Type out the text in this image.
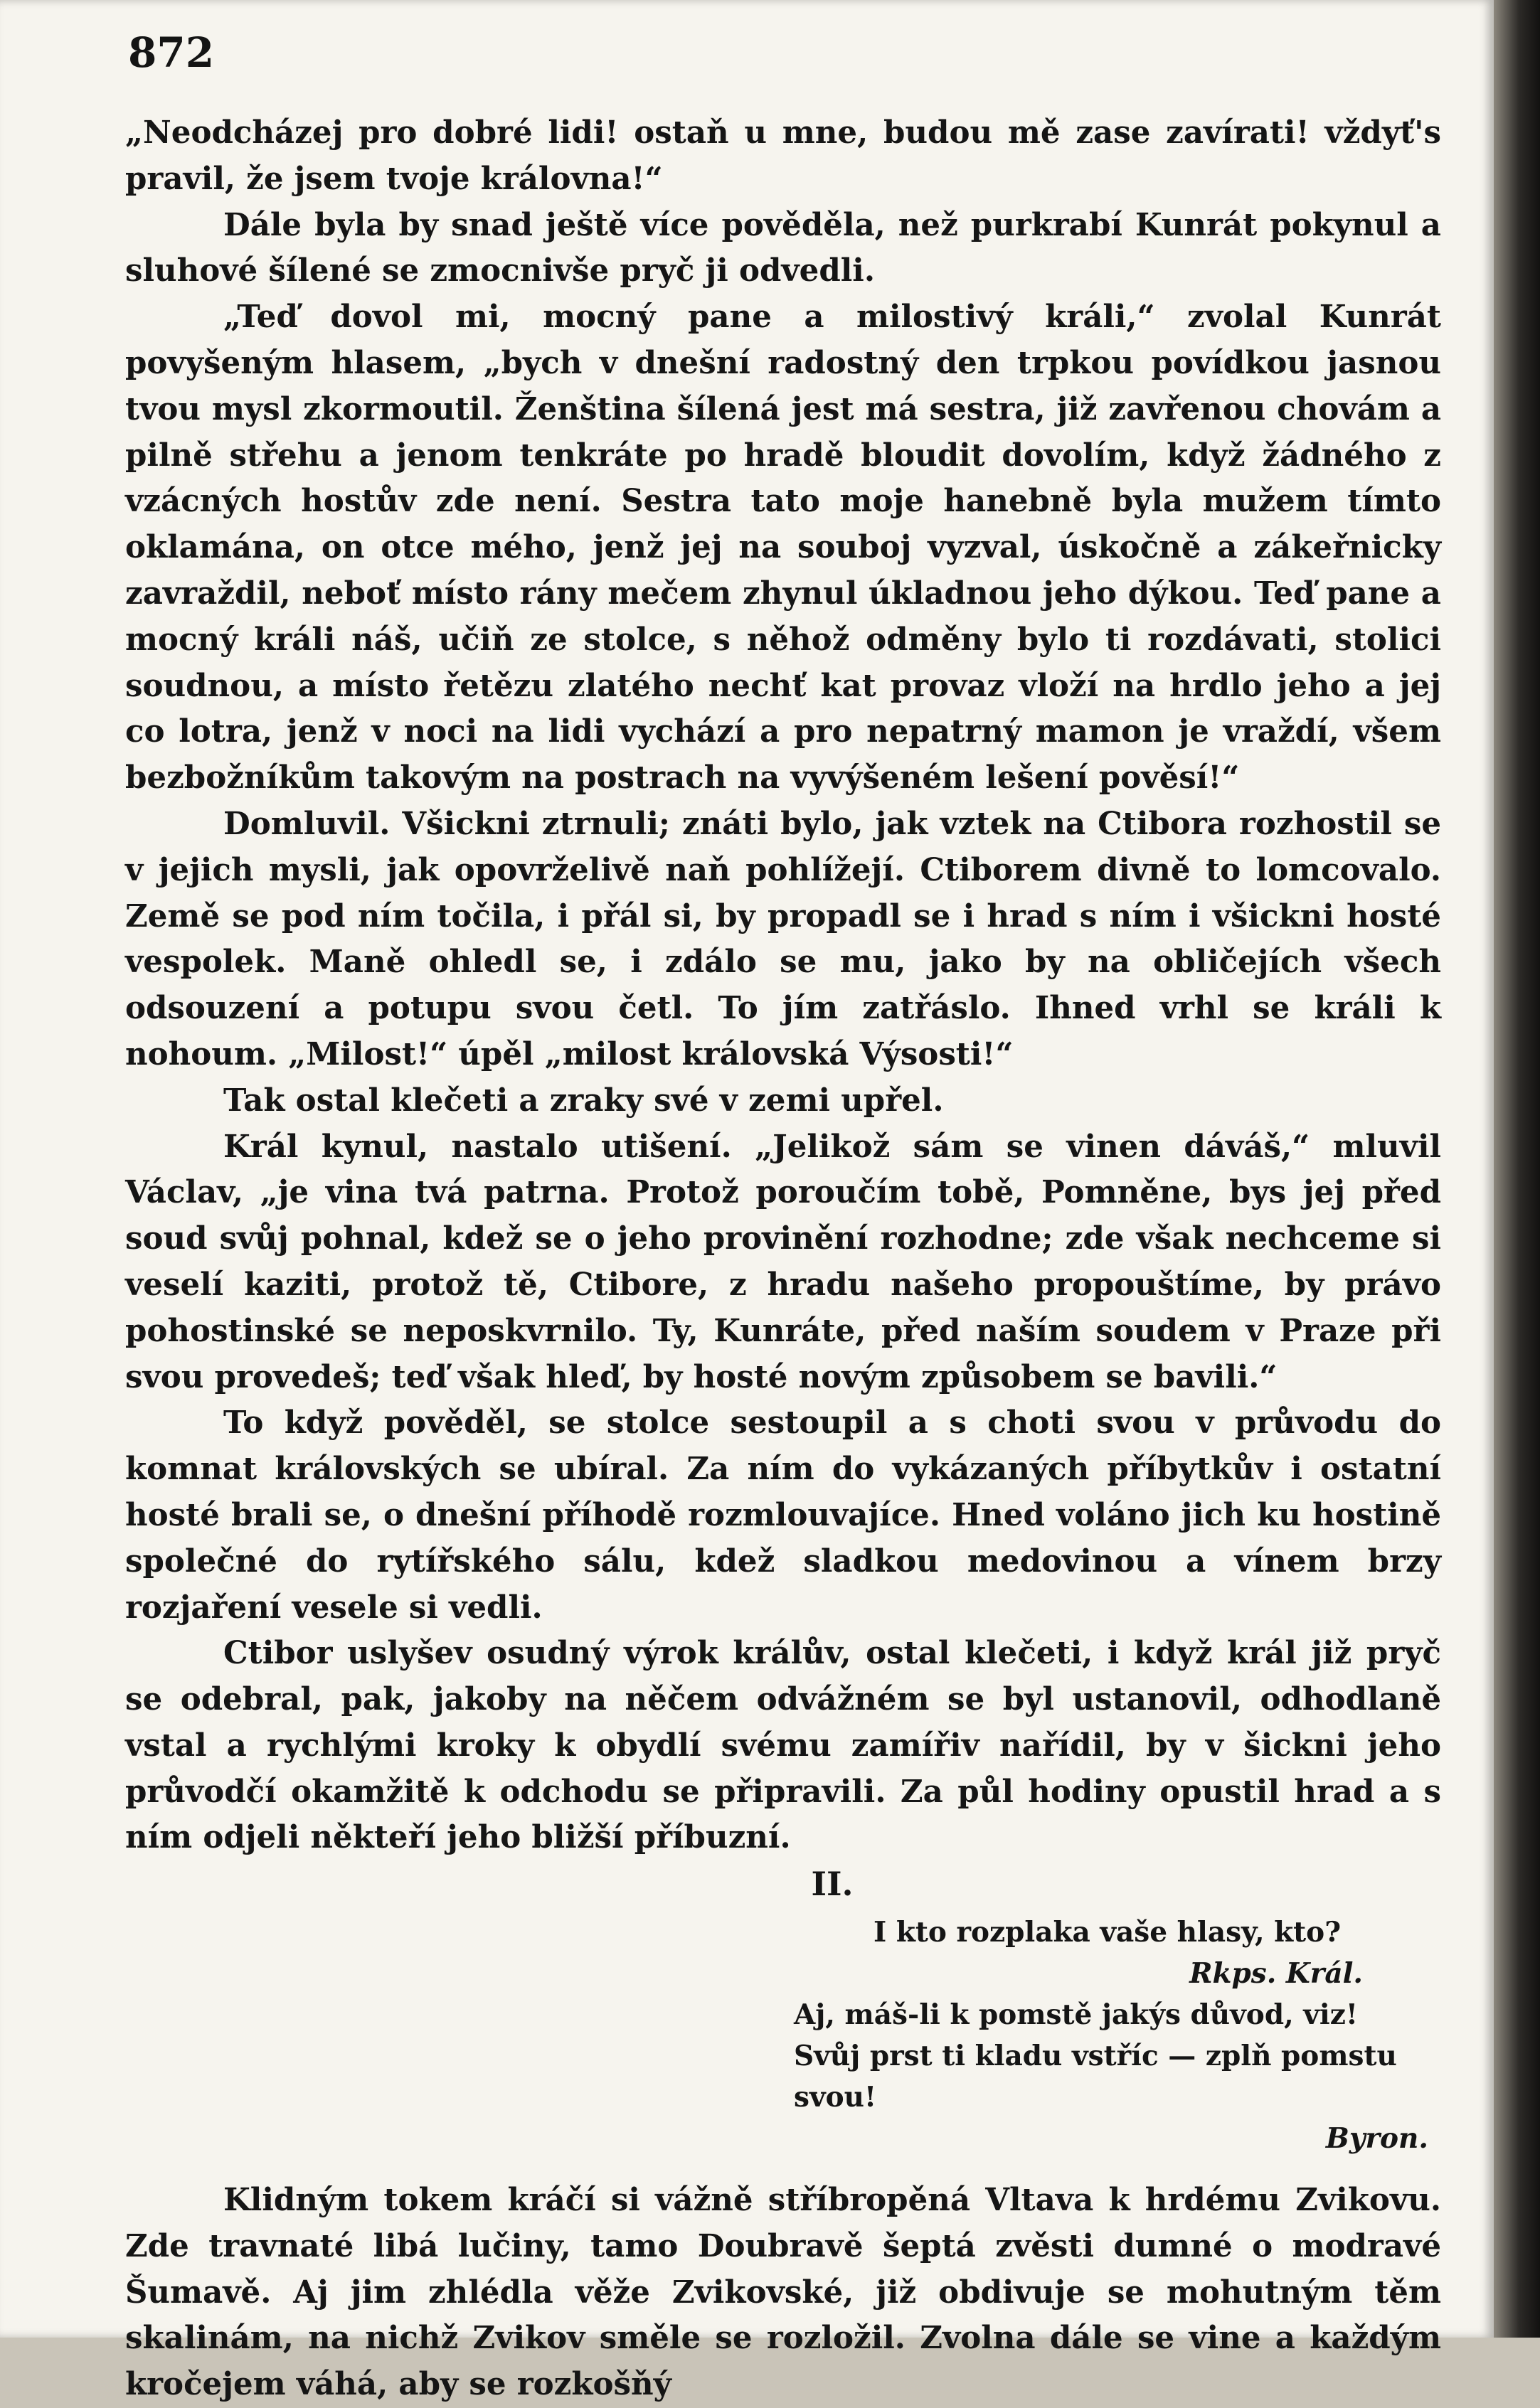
872

„Neodcházej pro dobré lidi! ostaň u mne, budou mě zase zavírati! vždyť's pravil, že jsem tvoje královna!“

Dále byla by snad ještě více pověděla, než purkrabí Kunrát pokynul a sluhové šílené se zmocnivše pryč ji odvedli.

„Teď dovol mi, mocný pane a milostivý králi,“ zvolal Kunrát povyšeným hlasem, „bych v dnešní radostný den trpkou povídkou jasnou tvou mysl zkormoutil. Ženština šílená jest má sestra, již zavřenou chovám a pilně střehu a jenom tenkráte po hradě bloudit dovolím, když žádného z vzácných hostův zde není. Sestra tato moje hanebně byla mužem tímto oklamána, on otce mého, jenž jej na souboj vyzval, úskočně a zákeřnicky zavraždil, neboť místo rány mečem zhynul úkladnou jeho dýkou. Teď pane a mocný králi náš, učiň ze stolce, s něhož odměny bylo ti rozdávati, stolici soudnou, a místo řetězu zlatého nechť kat provaz vloží na hrdlo jeho a jej co lotra, jenž v noci na lidi vychází a pro nepatrný mamon je vraždí, všem bezbožníkům takovým na postrach na vyvýšeném lešení pověsí!“

Domluvil. Všickni ztrnuli; znáti bylo, jak vztek na Ctibora rozhostil se v jejich mysli, jak opovrželivě naň pohlížejí. Ctiborem divně to lomcovalo. Země se pod ním točila, i přál si, by propadl se i hrad s ním i všickni hosté vespolek. Maně ohledl se, i zdálo se mu, jako by na obličejích všech odsouzení a potupu svou četl. To jím zatřáslo. Ihned vrhl se králi k nohoum. „Milost!“ úpěl „milost královská Výsosti!“

Tak ostal klečeti a zraky své v zemi upřel.

Král kynul, nastalo utišení. „Jelikož sám se vinen dáváš,“ mluvil Václav, „je vina tvá patrna. Protož poroučím tobě, Pomněne, bys jej před soud svůj pohnal, kdež se o jeho provinění rozhodne; zde však nechceme si veselí kaziti, protož tě, Ctibore, z hradu našeho propouštíme, by právo pohostinské se neposkvrnilo. Ty, Kunráte, před naším soudem v Praze při svou provedeš; teď však hleď, by hosté novým způsobem se bavili.“

To když pověděl, se stolce sestoupil a s choti svou v průvodu do komnat královských se ubíral. Za ním do vykázaných příbytkův i ostatní hosté brali se, o dnešní příhodě rozmlouvajíce. Hned voláno jich ku hostině společné do rytířského sálu, kdež sladkou medovinou a vínem brzy rozjaření vesele si vedli.

Ctibor uslyšev osudný výrok králův, ostal klečeti, i když král již pryč se odebral, pak, jakoby na něčem odvážném se byl ustanovil, odhodlaně vstal a rychlými kroky k obydlí svému zamířiv nařídil, by v šickni jeho průvodčí okamžitě k odchodu se připravili. Za půl hodiny opustil hrad a s ním odjeli někteří jeho bližší příbuzní.

II.

I kto rozplaka vaše hlasy, kto?
Rkps. Král.
Aj, máš-li k pomstě jakýs důvod, viz!
Svůj prst ti kladu vstříc — zplň pomstu svou!
Byron.

Klidným tokem kráčí si vážně stříbropěná Vltava k hrdému Zvikovu. Zde travnaté libá lučiny, tamo Doubravě šeptá zvěsti dumné o modravé Šumavě. Aj jim zhlédla věže Zvikovské, již obdivuje se mohutným těm skalinám, na nichž Zvikov směle se rozložil. Zvolna dále se vine a každým kročejem váhá, aby se rozkošňý
